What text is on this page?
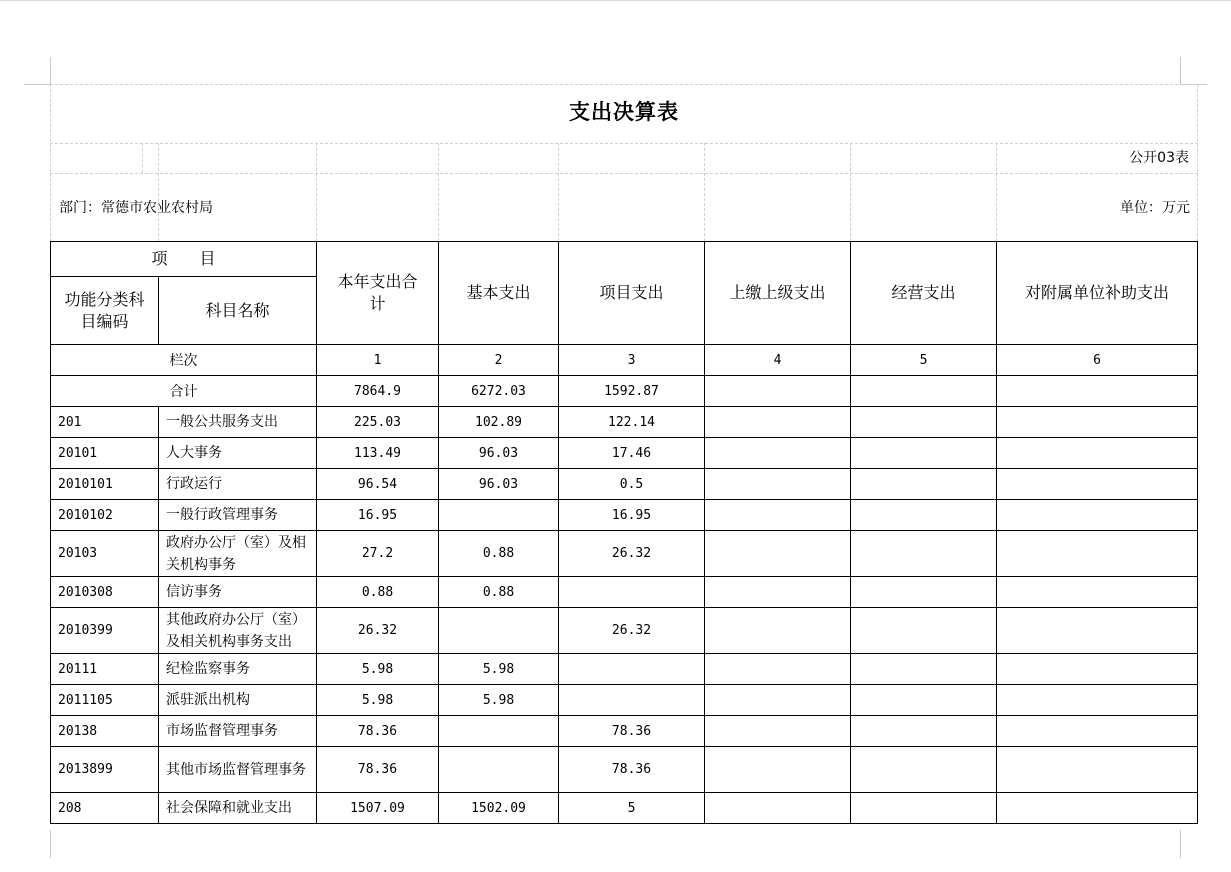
支出决算表
公开03表
部门：常德市农业农村局	单位：万元
项　　目		本年支出合计	基本支出	项目支出	上缴上级支出	经营支出	对附属单位补助支出
功能分类科目编码	科目名称						
栏次		1	2	3	4	5	6
合计		7864.9	6272.03	1592.87			
201	一般公共服务支出	225.03	102.89	122.14			
20101	人大事务	113.49	96.03	17.46			
2010101	行政运行	96.54	96.03	0.5			
2010102	一般行政管理事务	16.95		16.95			
20103	政府办公厅（室）及相关机构事务	27.2	0.88	26.32			
2010308	信访事务	0.88	0.88				
2010399	其他政府办公厅（室）及相关机构事务支出	26.32		26.32			
20111	纪检监察事务	5.98	5.98				
2011105	派驻派出机构	5.98	5.98				
20138	市场监督管理事务	78.36		78.36			
2013899	其他市场监督管理事务	78.36		78.36			
208	社会保障和就业支出	1507.09	1502.09	5			
